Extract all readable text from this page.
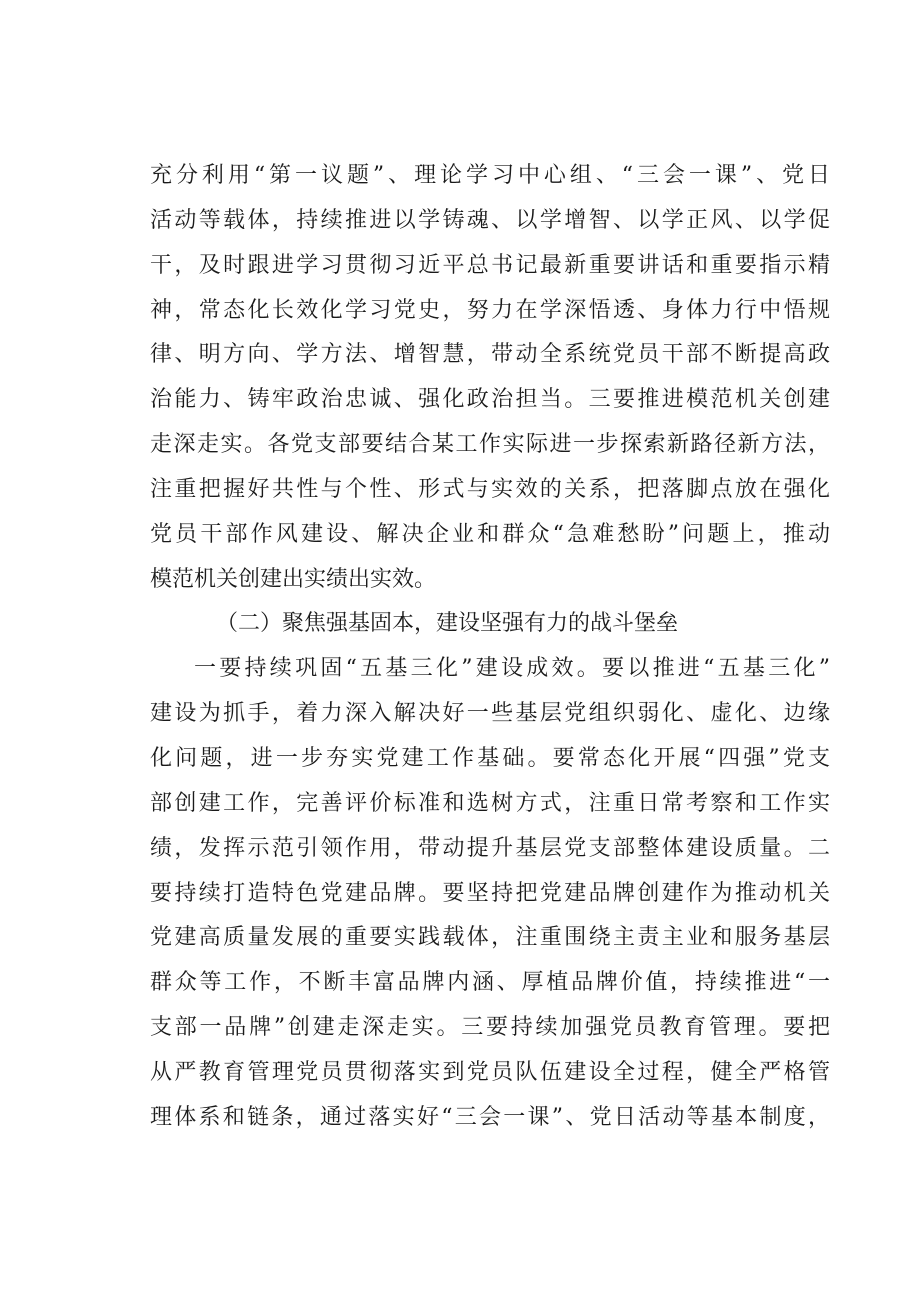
充分利用“第一议题”、理论学习中心组、“三会一课”、党日
活动等载体，持续推进以学铸魂、以学增智、以学正风、以学促
干，及时跟进学习贯彻习近平总书记最新重要讲话和重要指示精
神，常态化长效化学习党史，努力在学深悟透、身体力行中悟规
律、明方向、学方法、增智慧，带动全系统党员干部不断提高政
治能力、铸牢政治忠诚、强化政治担当。三要推进模范机关创建
走深走实。各党支部要结合某工作实际进一步探索新路径新方法，
注重把握好共性与个性、形式与实效的关系，把落脚点放在强化
党员干部作风建设、解决企业和群众“急难愁盼”问题上，推动
模范机关创建出实绩出实效。
（二）聚焦强基固本，建设坚强有力的战斗堡垒
一要持续巩固“五基三化”建设成效。要以推进“五基三化”
建设为抓手，着力深入解决好一些基层党组织弱化、虚化、边缘
化问题，进一步夯实党建工作基础。要常态化开展“四强”党支
部创建工作，完善评价标准和选树方式，注重日常考察和工作实
绩，发挥示范引领作用，带动提升基层党支部整体建设质量。二
要持续打造特色党建品牌。要坚持把党建品牌创建作为推动机关
党建高质量发展的重要实践载体，注重围绕主责主业和服务基层
群众等工作，不断丰富品牌内涵、厚植品牌价值，持续推进“一
支部一品牌”创建走深走实。三要持续加强党员教育管理。要把
从严教育管理党员贯彻落实到党员队伍建设全过程，健全严格管
理体系和链条，通过落实好“三会一课”、党日活动等基本制度，
